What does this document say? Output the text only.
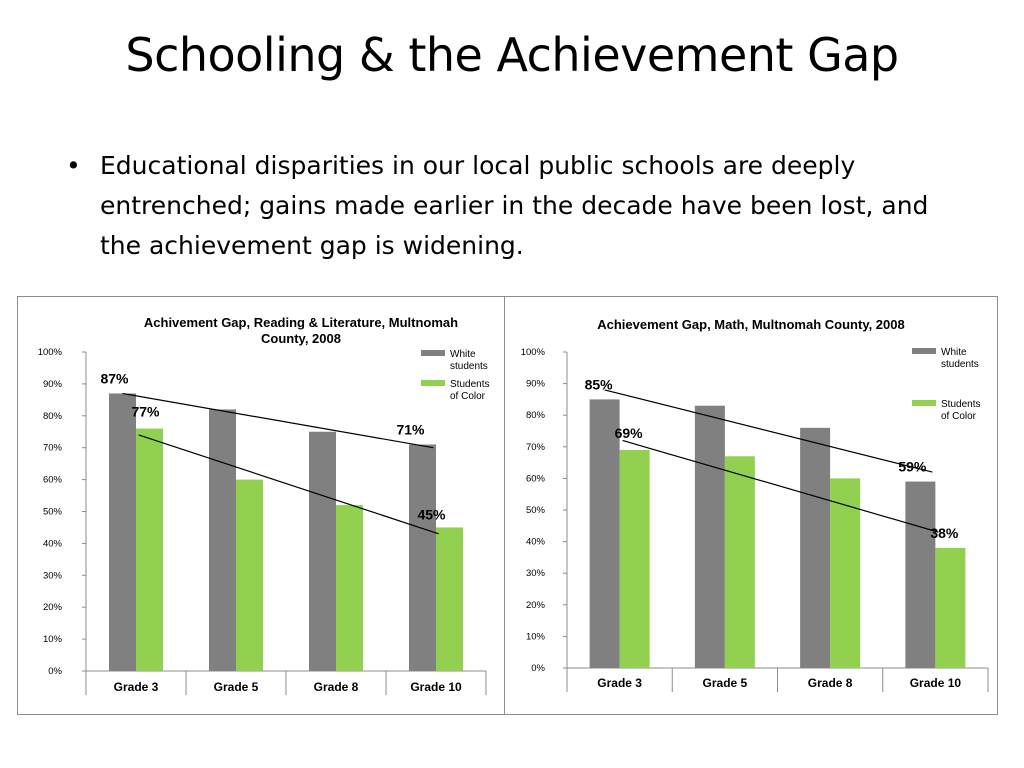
Schooling & the Achievement Gap
• Educational disparities in our local public schools are deeply entrenched; gains made earlier in the decade have been lost, and the achievement gap is widening.
Achivement Gap, Reading & Literature, Multnomah
County, 2008
0%
10%
20%
30%
40%
50%
60%
70%
80%
90%
100%
Grade 3	Grade 5	Grade 8	Grade 10
87%
71%
77%
45%
White
students
Students
of Color
Achievement Gap, Math, Multnomah County, 2008
0%
10%
20%
30%
40%
50%
60%
70%
80%
90%
100%
Grade 3	Grade 5	Grade 8	Grade 10
85%
59%
69%
38%
White
students
Students
of Color
